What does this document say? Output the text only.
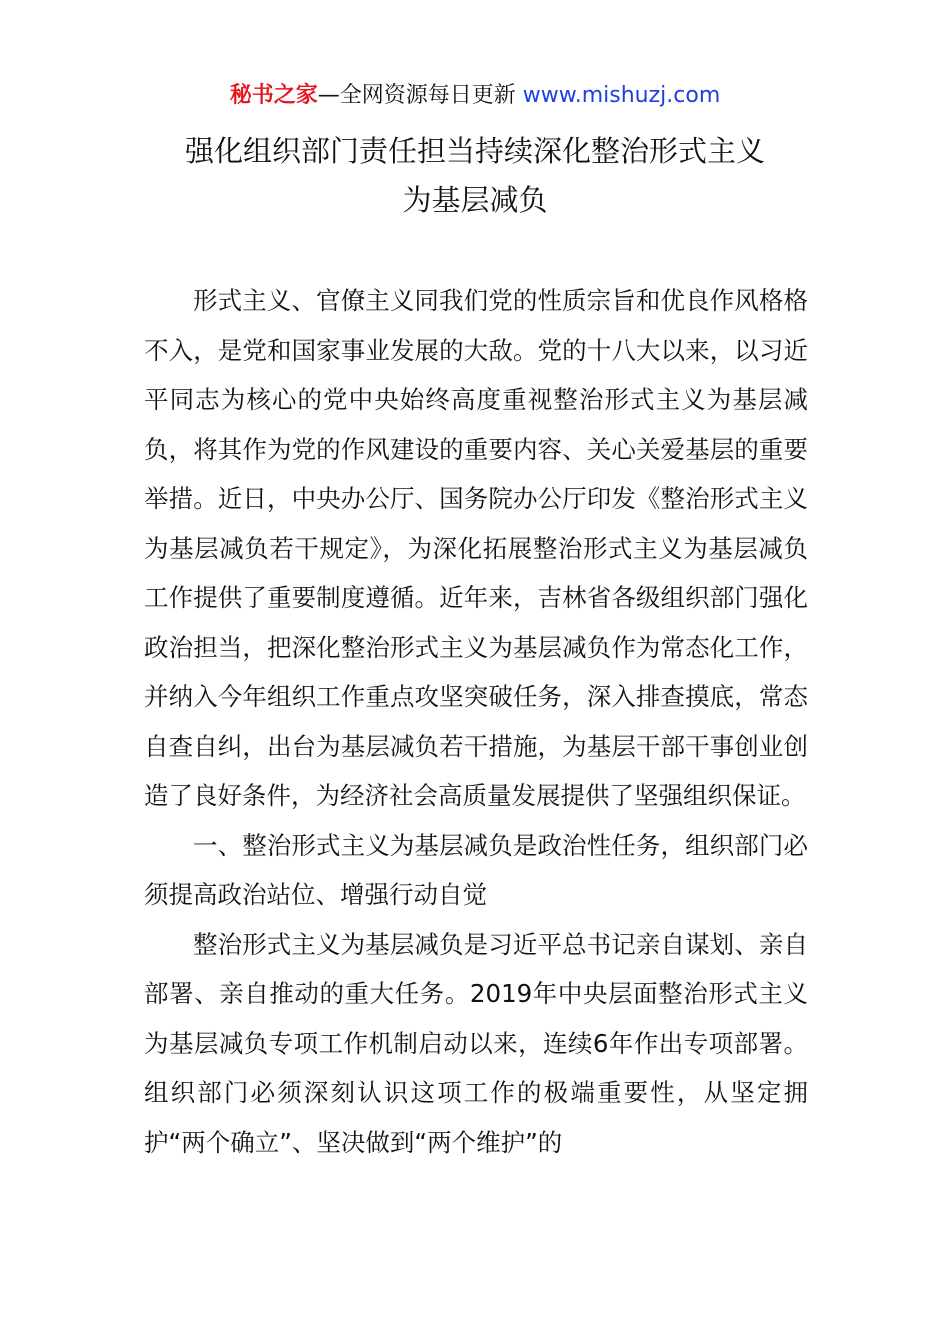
秘书之家—全网资源每日更新 www.mishuzj.com
强化组织部门责任担当持续深化整治形式主义
为基层减负

形式主义、官僚主义同我们党的性质宗旨和优良作风格格不入，是党和国家事业发展的大敌。党的十八大以来，以习近平同志为核心的党中央始终高度重视整治形式主义为基层减负，将其作为党的作风建设的重要内容、关心关爱基层的重要举措。近日，中央办公厅、国务院办公厅印发《整治形式主义为基层减负若干规定》，为深化拓展整治形式主义为基层减负工作提供了重要制度遵循。近年来，吉林省各级组织部门强化政治担当，把深化整治形式主义为基层减负作为常态化工作，并纳入今年组织工作重点攻坚突破任务，深入排查摸底，常态自查自纠，出台为基层减负若干措施，为基层干部干事创业创造了良好条件，为经济社会高质量发展提供了坚强组织保证。

一、整治形式主义为基层减负是政治性任务，组织部门必须提高政治站位、增强行动自觉

整治形式主义为基层减负是习近平总书记亲自谋划、亲自部署、亲自推动的重大任务。2019年中央层面整治形式主义为基层减负专项工作机制启动以来，连续6年作出专项部署。组织部门必须深刻认识这项工作的极端重要性，从坚定拥护“两个确立”、坚决做到“两个维护”的
